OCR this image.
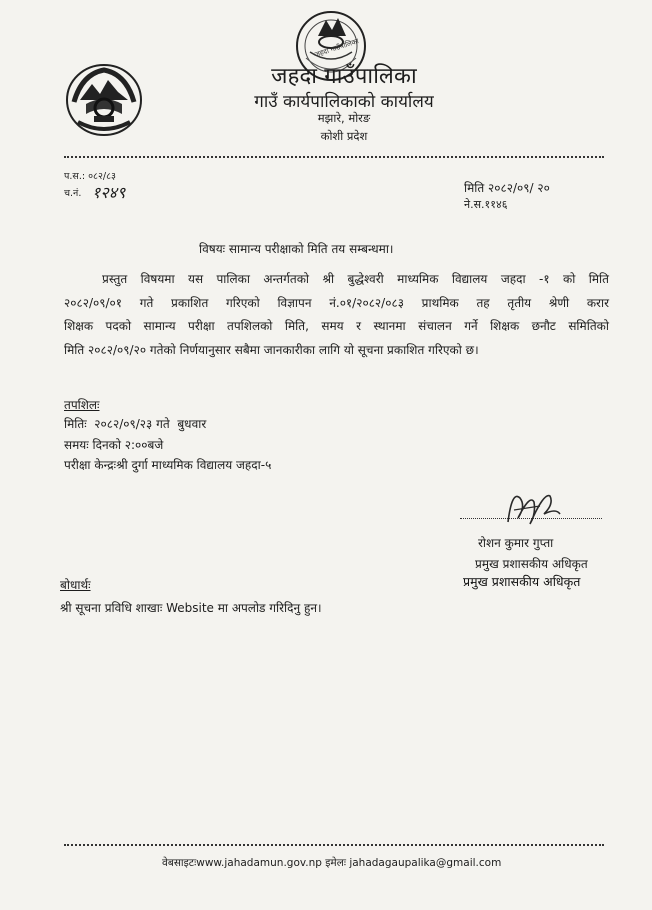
जहदा गाउँपालिका
जहदा गाउँपालिका
गाउँ कार्यपालिकाको कार्यालय
मझारे, मोरङ
कोशी प्रदेश
प.स.: ०८२/८३
च.नं. १२४९	मिति २०८२/०९/ २०
ने.स.११४६
विषयः सामान्य परीक्षाको मिति तय सम्बन्धमा।
प्रस्तुत विषयमा यस पालिका अन्तर्गतको श्री बुद्धेश्वरी माध्यमिक विद्यालय जहदा -१ को मिति
२०८२/०९/०१ गते प्रकाशित गरिएको विज्ञापन नं.०१/२०८२/०८३ प्राथमिक तह तृतीय श्रेणी करार
शिक्षक पदको सामान्य परीक्षा तपशिलको मिति, समय र स्थानमा संचालन गर्ने शिक्षक छनौट समितिको
मिति २०८२/०९/२० गतेको निर्णयानुसार सबैमा जानकारीका लागि यो सूचना प्रकाशित गरिएको छ।
तपशिलः
मितिः  २०८२/०९/२३ गते  बुधवार
समयः दिनको २:००बजे
परीक्षा केन्द्रःश्री दुर्गा माध्यमिक विद्यालय जहदा-५
रोशन कुमार गुप्ता
प्रमुख प्रशासकीय अधिकृत
प्रमुख प्रशासकीय अधिकृत
बोधार्थः
श्री सूचना प्रविधि शाखाः Website मा अपलोड गरिदिनु हुन।
वेबसाइटःwww.jahadamun.gov.np इमेलः jahadagaupalika@gmail.com
